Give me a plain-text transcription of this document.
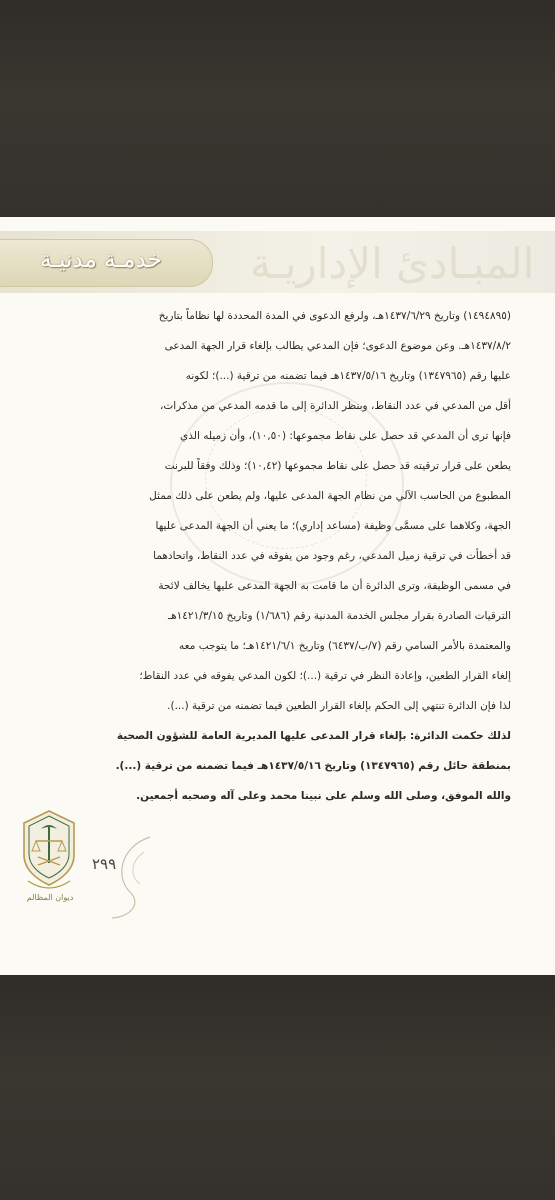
خدمـة مدنيـة المبـادئ الإداريـة
(١٤٩٤٨٩٥) وتاريخ ١٤٣٧/٦/٢٩هـ، ولرفع الدعوى في المدة المحددة لها نظاماً بتاريخ
١٤٣٧/٨/٢هـ. وعن موضوع الدعوى؛ فإن المدعي يطالب بإلغاء قرار الجهة المدعى
عليها رقم (١٣٤٧٩٦٥) وتاريخ ١٤٣٧/٥/١٦هـ فيما تضمنه من ترقية (...)؛ لكونه
أقل من المدعي في عدد النقاط، وبنظر الدائرة إلى ما قدمه المدعي من مذكرات،
فإنها ترى أن المدعي قد حصل على نقاط مجموعها: (١٠,٥٠)، وأن زميله الذي
يطعن على قرار ترقيته قد حصل على نقاط مجموعها (١٠,٤٢)؛ وذلك وفقاً للبرنت
المطبوع من الحاسب الآلي من نظام الجهة المدعى عليها، ولم يطعن على ذلك ممثل
الجهة، وكلاهما على مسمَّى وظيفة (مساعد إداري)؛ ما يعني أن الجهة المدعى عليها
قد أخطأت في ترقية زميل المدعي، رغم وجود من يفوقه في عدد النقاط، واتحادهما
في مسمى الوظيفة، وترى الدائرة أن ما قامت به الجهة المدعى عليها يخالف لائحة
الترقيات الصادرة بقرار مجلس الخدمة المدنية رقم (١/٦٨٦) وتاريخ ١٤٢١/٣/١٥هـ
والمعتمدة بالأمر السامي رقم (٧/ب/٦٤٣٧) وتاريخ ١٤٢١/٦/١هـ؛ ما يتوجب معه
إلغاء القرار الطعين، وإعادة النظر في ترقية (...)؛ لكون المدعي يفوقه في عدد النقاط؛
لذا فإن الدائرة تنتهي إلى الحكم بإلغاء القرار الطعين فيما تضمنه من ترقية (...).
لذلك حكمت الدائرة: بإلغاء قرار المدعى عليها المديرية العامة للشؤون الصحية
بمنطقة حائل رقم (١٣٤٧٩٦٥) وتاريخ ١٤٣٧/٥/١٦هـ فيما تضمنه من ترقية (...).
والله الموفق، وصلى الله وسلم على نبينا محمد وعلى آله وصحبه أجمعين.
٢٩٩
ديوان المظالم
